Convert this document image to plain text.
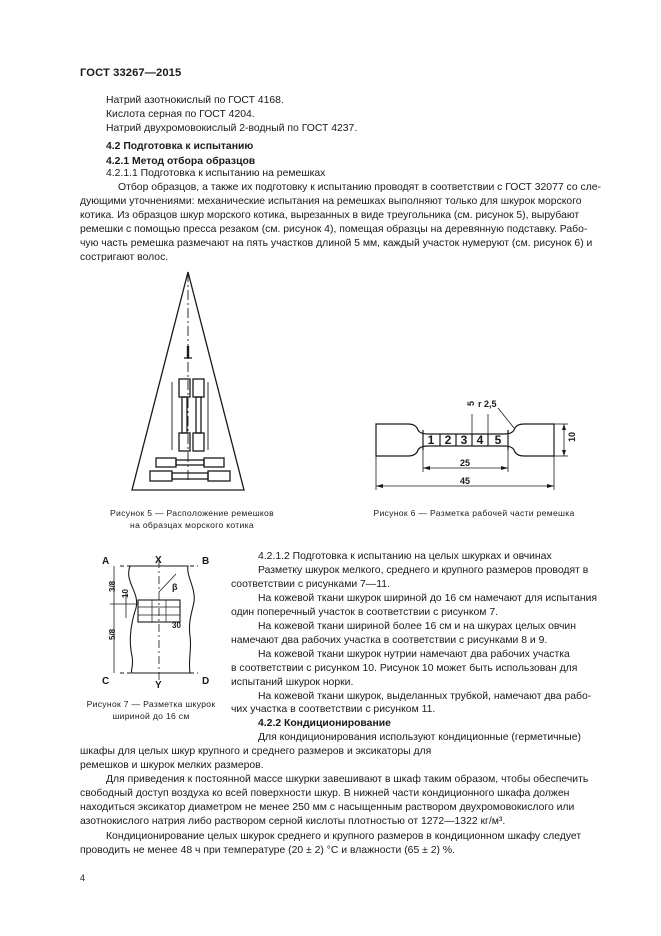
ГОСТ 33267—2015
Натрий азотнокислый по ГОСТ 4168.
Кислота серная по ГОСТ 4204.
Натрий двухромовокислый 2-водный по ГОСТ 4237.
4.2 Подготовка к испытанию
4.2.1 Метод отбора образцов
4.2.1.1 Подготовка к испытанию на ремешках
Отбор образцов, а также их подготовку к испытанию проводят в соответствии с ГОСТ 32077 со сле-
дующими уточнениями: механические испытания на ремешках выполняют только для шкурок морского
котика. Из образцов шкур морского котика, вырезанных в виде треугольника (см. рисунок 5), вырубают
ремешки с помощью пресса резаком (см. рисунок 4), помещая образцы на деревянную подставку. Рабо-
чую часть ремешка размечают на пять участков длиной 5 мм, каждый участок нумеруют (см. рисунок 6) и
состригают волос.
Рисунок 5 — Расположение ремешков
на образцах морского котика
1 2 3 4 5
r 2,5
5
10
25
45
Рисунок 6 — Разметка рабочей части ремешка
А	X	В
С	Y	D
β
3/8
5/8
10
30
Рисунок 7 — Разметка шкурок
шириной до 16 см
4.2.1.2 Подготовка к испытанию на целых шкурках и овчинах
Разметку шкурок мелкого, среднего и крупного размеров проводят в
соответствии с рисунками 7—11.
На кожевой ткани шкурок шириной до 16 см намечают для испытания
один поперечный участок в соответствии с рисунком 7.
На кожевой ткани шириной более 16 см и на шкурах целых овчин
намечают два рабочих участка в соответствии с рисунками 8 и 9.
На кожевой ткани шкурок нутрии намечают два рабочих участка
в соответствии с рисунком 10. Рисунок 10 может быть использован для
испытаний шкурок норки.
На кожевой ткани шкурок, выделанных трубкой, намечают два рабо-
чих участка в соответствии с рисунком 11.
4.2.2 Кондиционирование
Для кондиционирования используют кондиционные (герметичные)
шкафы для целых шкур крупного и среднего размеров и эксикаторы для
ремешков и шкурок мелких размеров.
Для приведения к постоянной массе шкурки завешивают в шкаф таким образом, чтобы обеспечить
свободный доступ воздуха ко всей поверхности шкур. В нижней части кондиционного шкафа должен
находиться эксикатор диаметром не менее 250 мм с насыщенным раствором двухромовокислого или
азотнокислого натрия либо раствором серной кислоты плотностью от 1272—1322 кг/м³.
Кондиционирование целых шкурок среднего и крупного размеров в кондиционном шкафу следует
проводить не менее 48 ч при температуре (20 ± 2) °С и влажности (65 ± 2) %.
4
